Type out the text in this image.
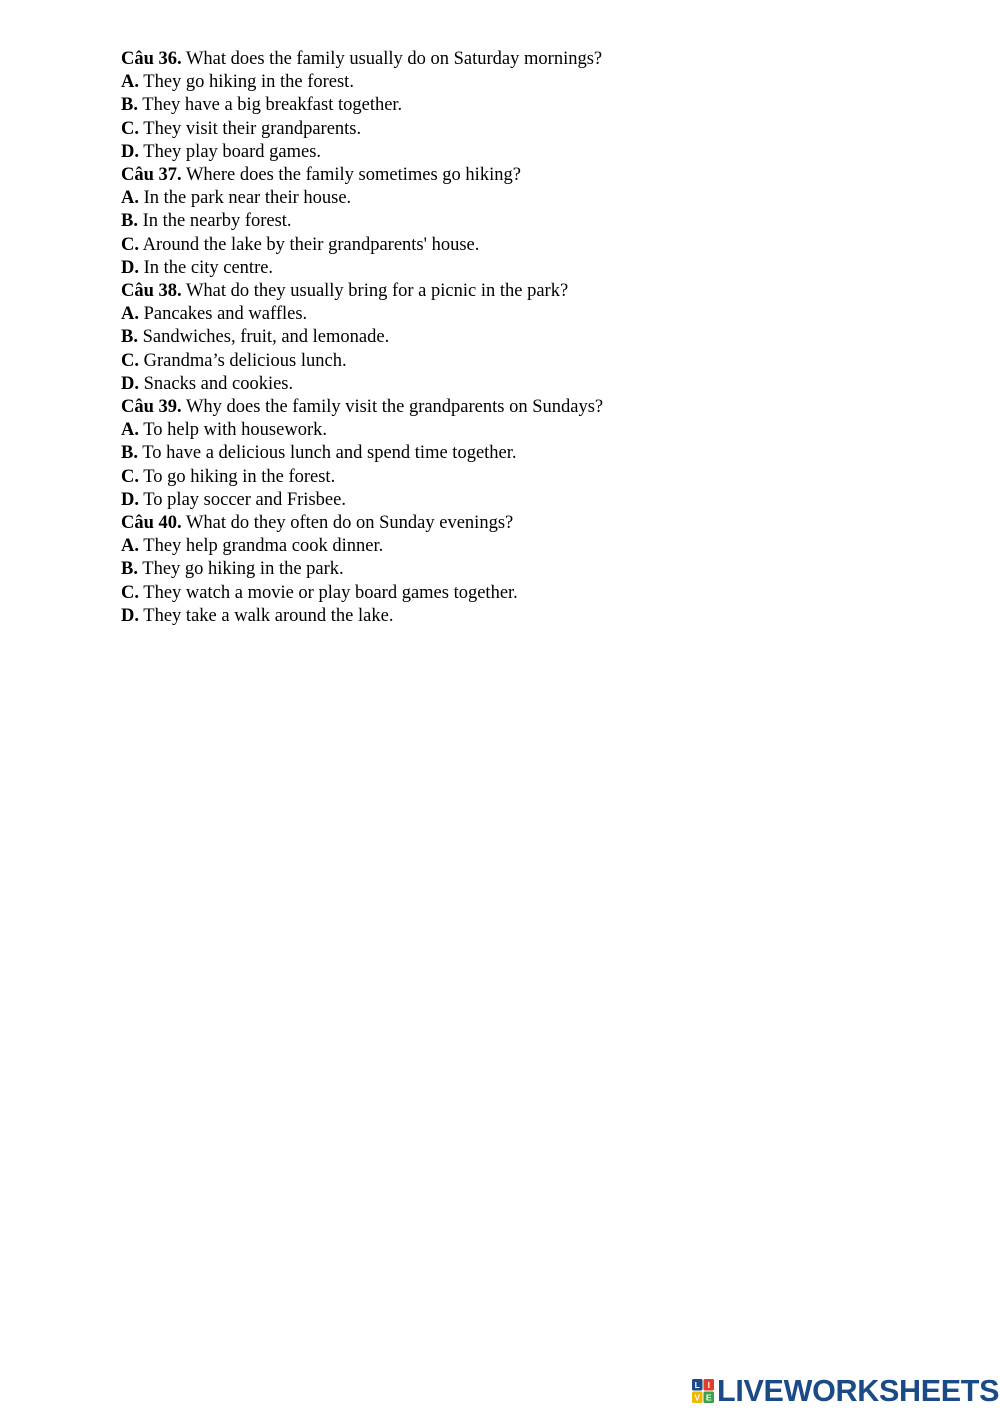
Câu 36. What does the family usually do on Saturday mornings?
A. They go hiking in the forest.
B. They have a big breakfast together.
C. They visit their grandparents.
D. They play board games.
Câu 37. Where does the family sometimes go hiking?
A. In the park near their house.
B. In the nearby forest.
C. Around the lake by their grandparents' house.
D. In the city centre.
Câu 38. What do they usually bring for a picnic in the park?
A. Pancakes and waffles.
B. Sandwiches, fruit, and lemonade.
C. Grandma’s delicious lunch.
D. Snacks and cookies.
Câu 39. Why does the family visit the grandparents on Sundays?
A. To help with housework.
B. To have a delicious lunch and spend time together.
C. To go hiking in the forest.
D. To play soccer and Frisbee.
Câu 40. What do they often do on Sunday evenings?
A. They help grandma cook dinner.
B. They go hiking in the park.
C. They watch a movie or play board games together.
D. They take a walk around the lake.
L I
V E LIVEWORKSHEETS
